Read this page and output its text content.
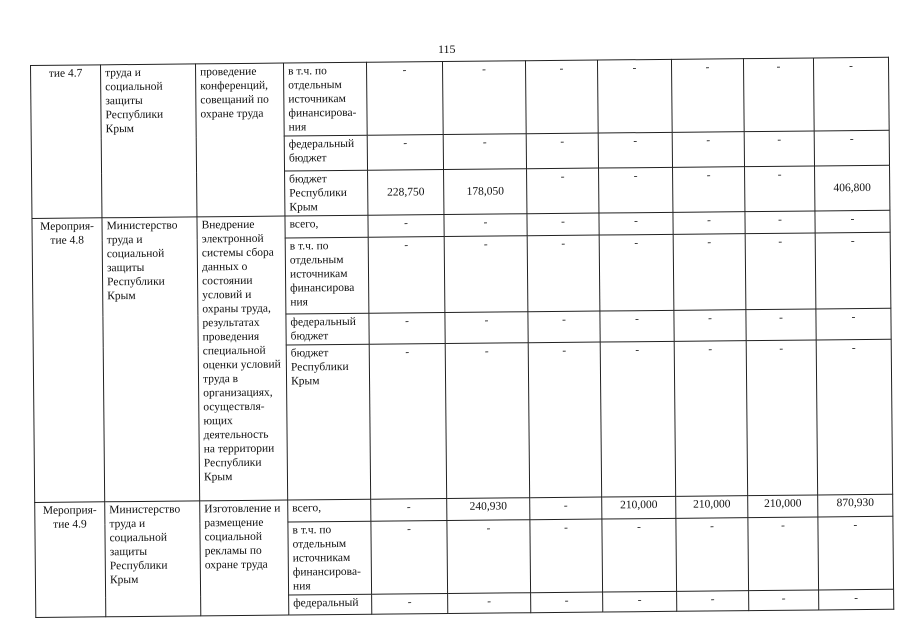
115
тие 4.7	труда и социальной защиты Республики Крым	проведение конференций, совещаний по охране труда	в т.ч. по отдельным источникам финансирова-ния	-	-	-	-	-	-	-
			федеральный бюджет	-	-	-	-	-	-	-
			бюджет Республики Крым	228,750	178,050	-	-	-	-	406,800
Мероприя-тие 4.8	Министерство труда и социальной защиты Республики Крым	Внедрение электронной системы сбора данных о состоянии условий и охраны труда, результатах проведения специальной оценки условий труда в организациях, осуществля-ющих деятельность на территории Республики Крым	всего,	-	-	-	-	-	-	-
			в т.ч. по отдельным источникам финансирова ния	-	-	-	-	-	-	-
			федеральный бюджет	-	-	-	-	-	-	-
			бюджет Республики Крым	-	-	-	-	-	-	-
Мероприя-тие 4.9	Министерство труда и социальной защиты Республики Крым	Изготовление и размещение социальной рекламы по охране труда	всего,	-	240,930	-	210,000	210,000	210,000	870,930
			в т.ч. по отдельным источникам финансирова-ния	-	-	-	-	-	-	-
			федеральный	-	-	-	-	-	-	-
